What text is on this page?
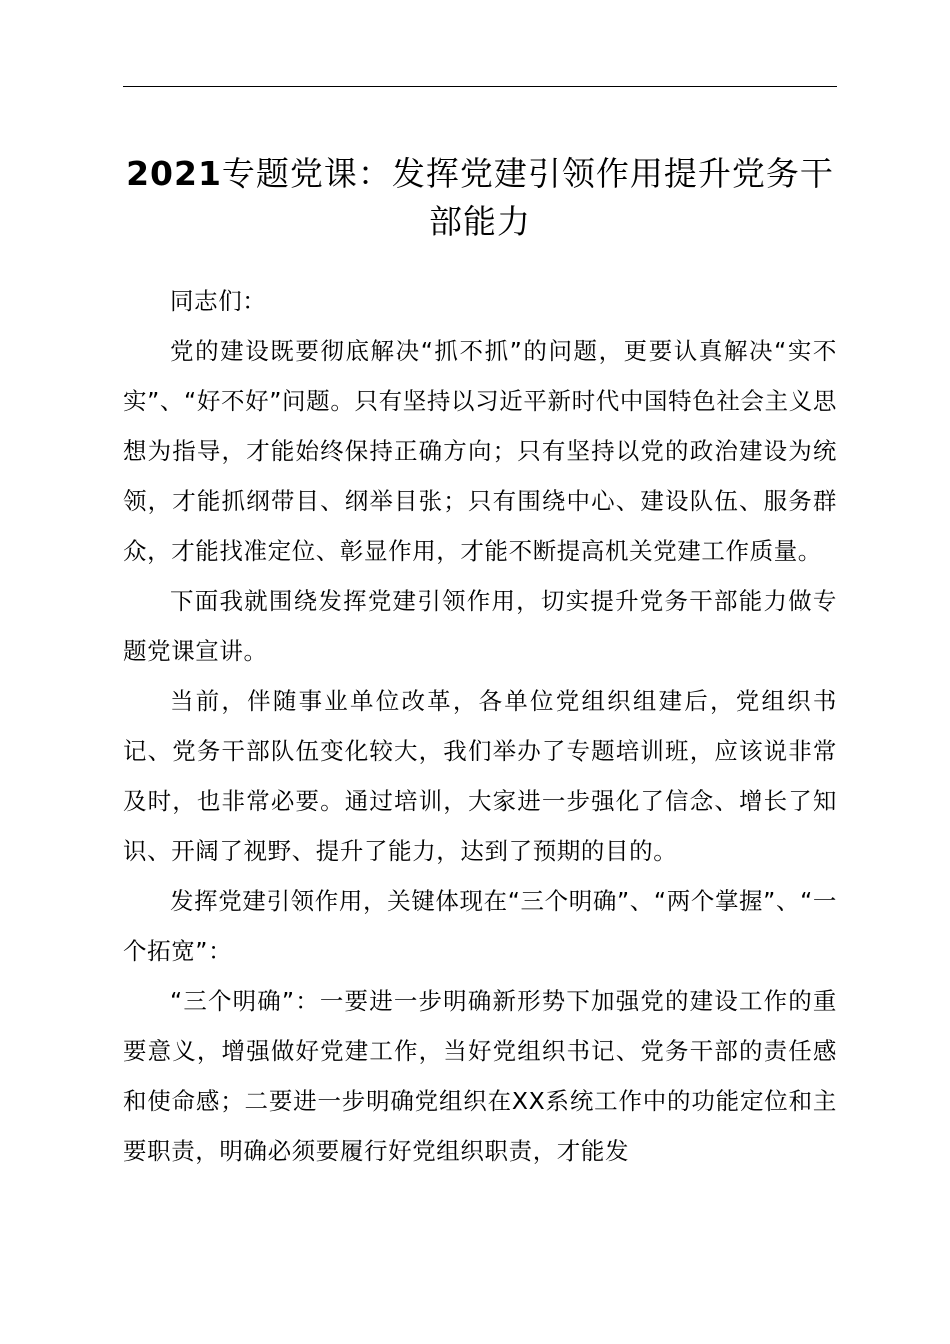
2021专题党课：发挥党建引领作用提升党务干部能力

同志们：

党的建设既要彻底解决“抓不抓”的问题，更要认真解决“实不实”、“好不好”问题。只有坚持以习近平新时代中国特色社会主义思想为指导，才能始终保持正确方向；只有坚持以党的政治建设为统领，才能抓纲带目、纲举目张；只有围绕中心、建设队伍、服务群众，才能找准定位、彰显作用，才能不断提高机关党建工作质量。

下面我就围绕发挥党建引领作用，切实提升党务干部能力做专题党课宣讲。

当前，伴随事业单位改革，各单位党组织组建后，党组织书记、党务干部队伍变化较大，我们举办了专题培训班，应该说非常及时，也非常必要。通过培训，大家进一步强化了信念、增长了知识、开阔了视野、提升了能力，达到了预期的目的。

发挥党建引领作用，关键体现在“三个明确”、“两个掌握”、“一个拓宽”：

“三个明确”：一要进一步明确新形势下加强党的建设工作的重要意义，增强做好党建工作，当好党组织书记、党务干部的责任感和使命感；二要进一步明确党组织在XX系统工作中的功能定位和主要职责，明确必须要履行好党组织职责，才能发
